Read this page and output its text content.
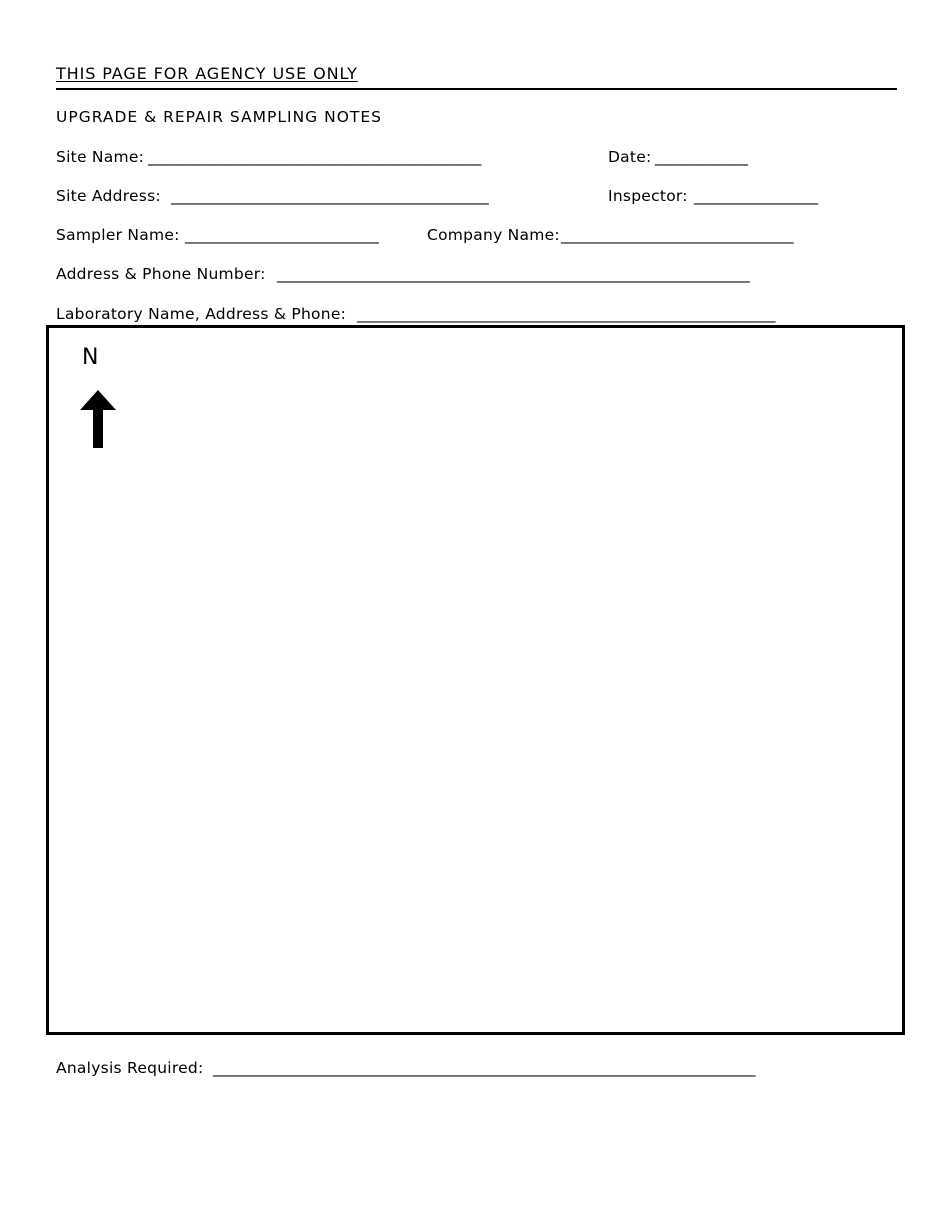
THIS PAGE FOR AGENCY USE ONLY
UPGRADE & REPAIR SAMPLING NOTES
Site Name: ___________________________________________	Date: ____________
Site Address: _________________________________________	Inspector: ________________
Sampler Name: _________________________	Company Name: ______________________________
Address & Phone Number: _____________________________________________________________
Laboratory Name, Address & Phone: ______________________________________________________
N
Analysis Required: ______________________________________________________________________
